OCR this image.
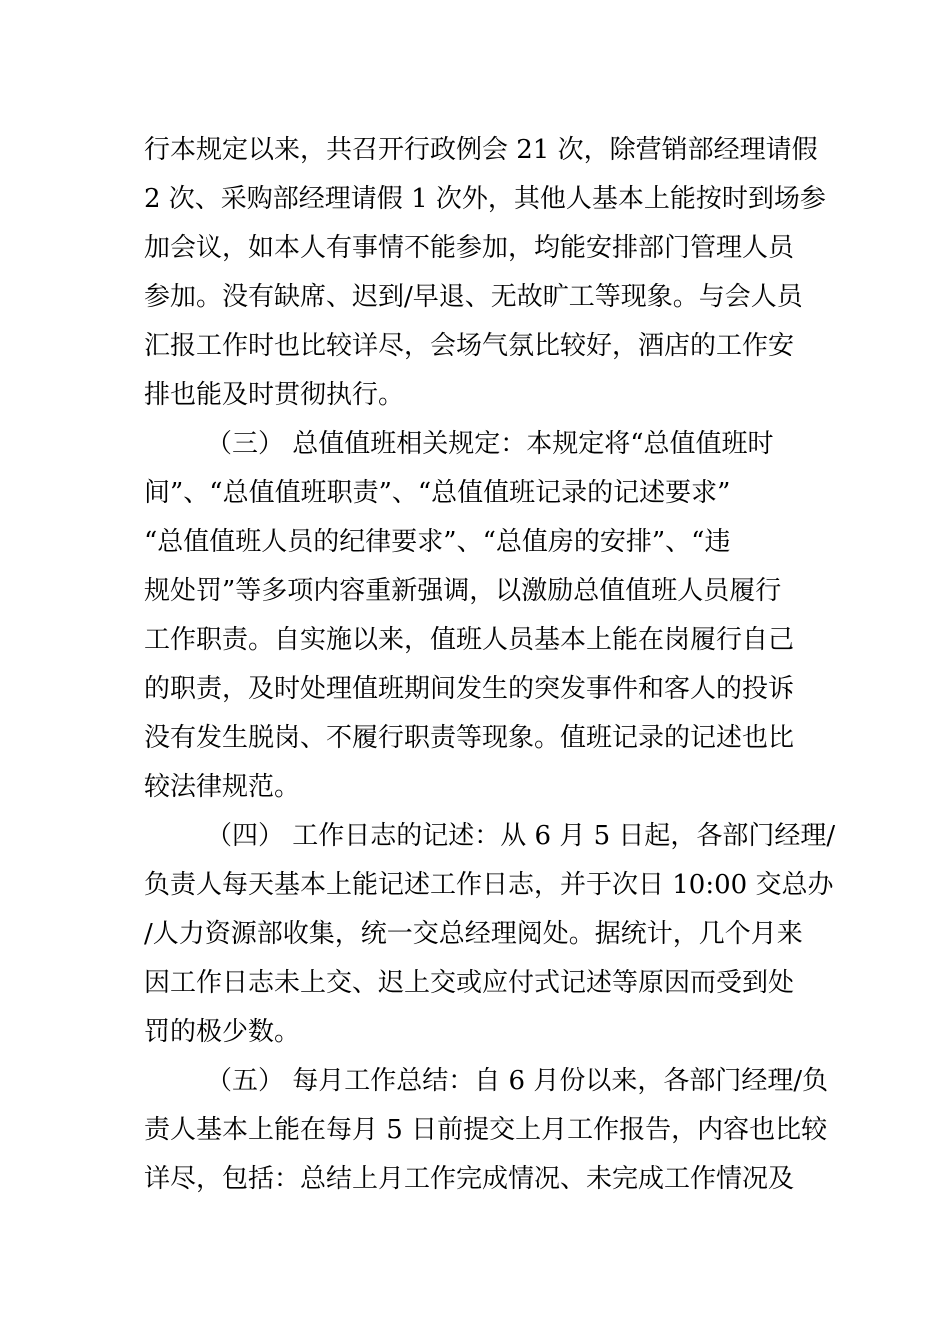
行本规定以来，共召开行政例会 21 次，除营销部经理请假
2 次、采购部经理请假 1 次外，其他人基本上能按时到场参
加会议，如本人有事情不能参加，均能安排部门管理人员
参加。没有缺席、迟到/早退、无故旷工等现象。与会人员
汇报工作时也比较详尽，会场气氛比较好，酒店的工作安
排也能及时贯彻执行。
（三） 总值值班相关规定：本规定将“总值值班时
间”、“总值值班职责”、“总值值班记录的记述要求”
“总值值班人员的纪律要求”、“总值房的安排”、“违
规处罚”等多项内容重新强调，以激励总值值班人员履行
工作职责。自实施以来，值班人员基本上能在岗履行自己
的职责，及时处理值班期间发生的突发事件和客人的投诉
没有发生脱岗、不履行职责等现象。值班记录的记述也比
较法律规范。
（四） 工作日志的记述：从 6 月 5 日起，各部门经理/
负责人每天基本上能记述工作日志，并于次日 10:00 交总办
/人力资源部收集，统一交总经理阅处。据统计，几个月来
因工作日志未上交、迟上交或应付式记述等原因而受到处
罚的极少数。
（五） 每月工作总结：自 6 月份以来，各部门经理/负
责人基本上能在每月 5 日前提交上月工作报告，内容也比较
详尽，包括：总结上月工作完成情况、未完成工作情况及
